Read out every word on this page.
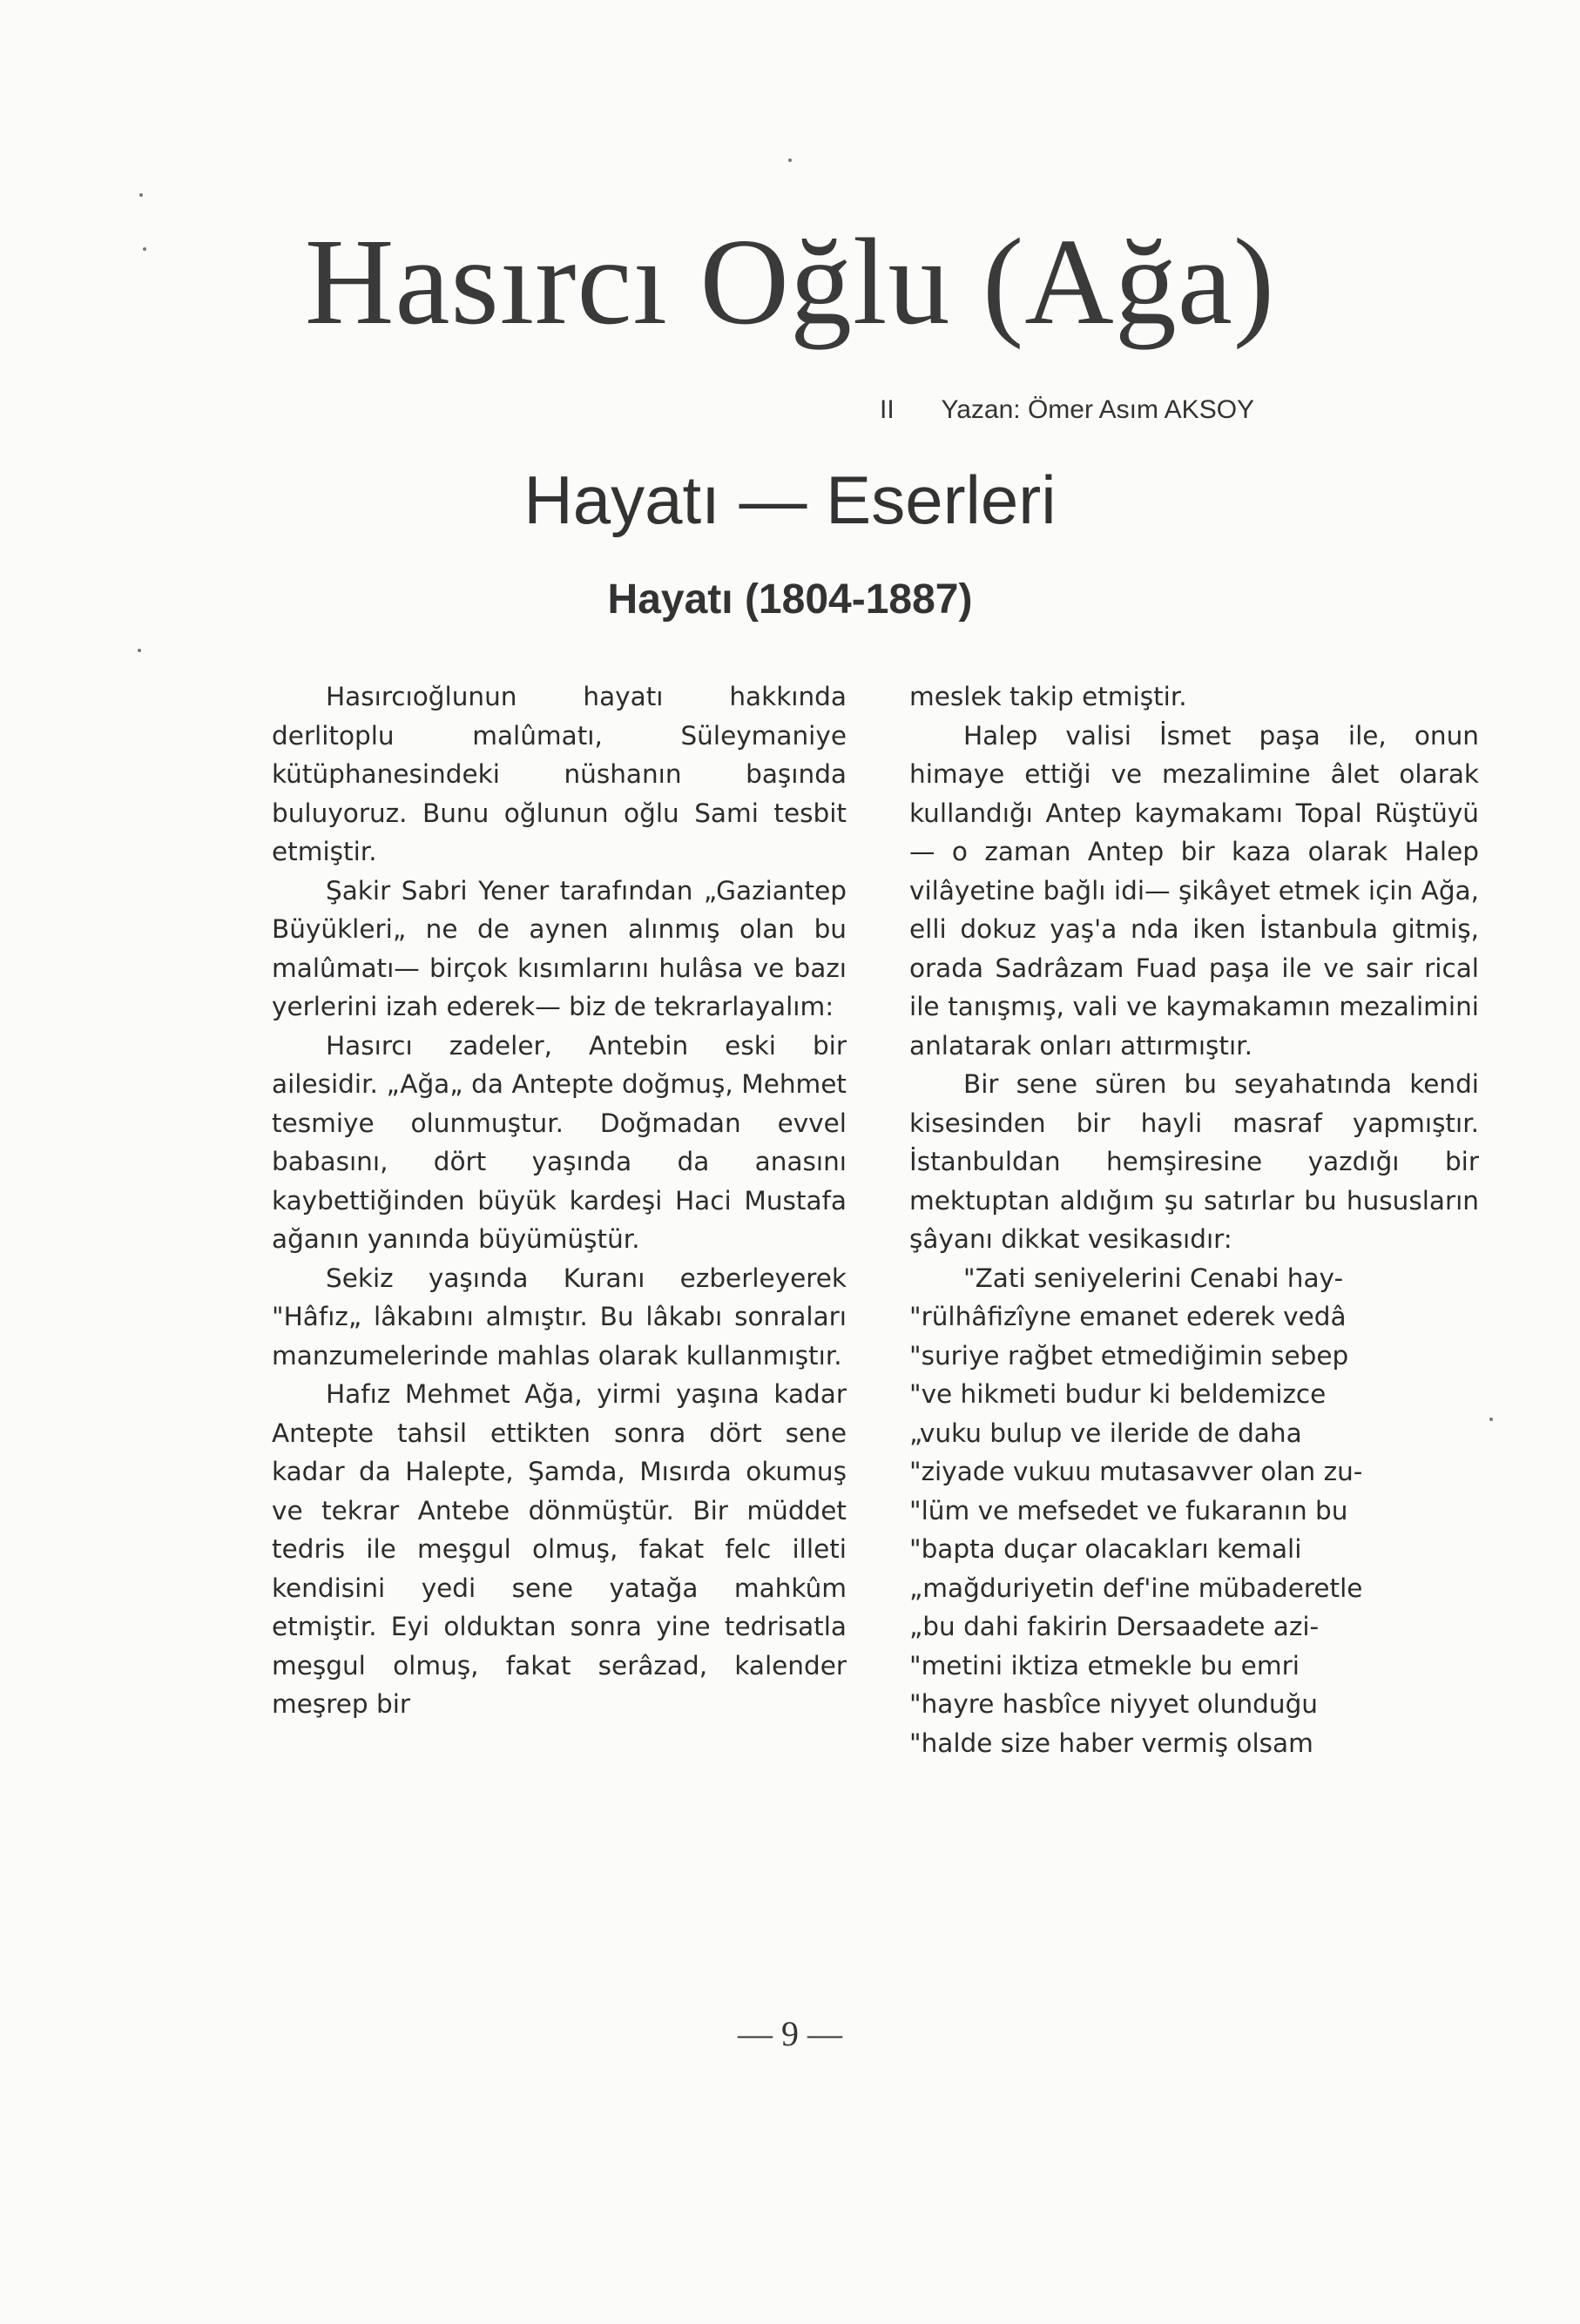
Hasırcı Oğlu (Ağa)
II Yazan: Ömer Asım AKSOY
Hayatı — Eserleri
Hayatı (1804-1887)

Hasırcıoğlunun hayatı hakkında derlitoplu malûmatı, Süleymaniye kütüphanesindeki nüshanın başında buluyoruz. Bunu oğlunun oğlu Sami tesbit etmiştir.

Şakir Sabri Yener tarafından „Gaziantep Büyükleri„ ne de aynen alınmış olan bu malûmatı— birçok kısımlarını hulâsa ve bazı yerlerini izah ederek— biz de tekrarlayalım:

Hasırcı zadeler, Antebin eski bir ailesidir. „Ağa„ da Antepte doğmuş, Mehmet tesmiye olunmuştur. Doğmadan evvel babasını, dört yaşında da anasını kaybettiğinden büyük kardeşi Haci Mustafa ağanın yanında büyümüştür.

Sekiz yaşında Kuranı ezberleyerek "Hâfız„ lâkabını almıştır. Bu lâkabı sonraları manzumelerinde mahlas olarak kullanmıştır.

Hafız Mehmet Ağa, yirmi yaşına kadar Antepte tahsil ettikten sonra dört sene kadar da Halepte, Şamda, Mısırda okumuş ve tekrar Antebe dönmüştür. Bir müddet tedris ile meşgul olmuş, fakat felc illeti kendisini yedi sene yatağa mahkûm etmiştir. Eyi olduktan sonra yine tedrisatla meşgul olmuş, fakat serâzad, kalender meşrep bir

meslek takip etmiştir.

Halep valisi İsmet paşa ile, onun himaye ettiği ve mezalimine âlet olarak kullandığı Antep kaymakamı Topal Rüştüyü— o zaman Antep bir kaza olarak Halep vilâyetine bağlı idi— şikâyet etmek için Ağa, elli dokuz yaş'a nda iken İstanbula gitmiş, orada Sadrâzam Fuad paşa ile ve sair rical ile tanışmış, vali ve kaymakamın mezalimini anlatarak onları attırmıştır.

Bir sene süren bu seyahatında kendi kisesinden bir hayli masraf yapmıştır. İstanbuldan hemşiresine yazdığı bir mektuptan aldığım şu satırlar bu hususların şâyanı dikkat vesikasıdır:

"Zati seniyelerini Cenabi hay-

"rülhâfizîyne emanet ederek vedâ

"suriye rağbet etmediğimin sebep

"ve hikmeti budur ki beldemizce

„vuku bulup ve ileride de daha

"ziyade vukuu mutasavver olan zu-

"lüm ve mefsedet ve fukaranın bu

"bapta duçar olacakları kemali

„mağduriyetin def'ine mübaderetle

„bu dahi fakirin Dersaadete azi-

"metini iktiza etmekle bu emri

"hayre hasbîce niyyet olunduğu

"halde size haber vermiş olsam

— 9 —
